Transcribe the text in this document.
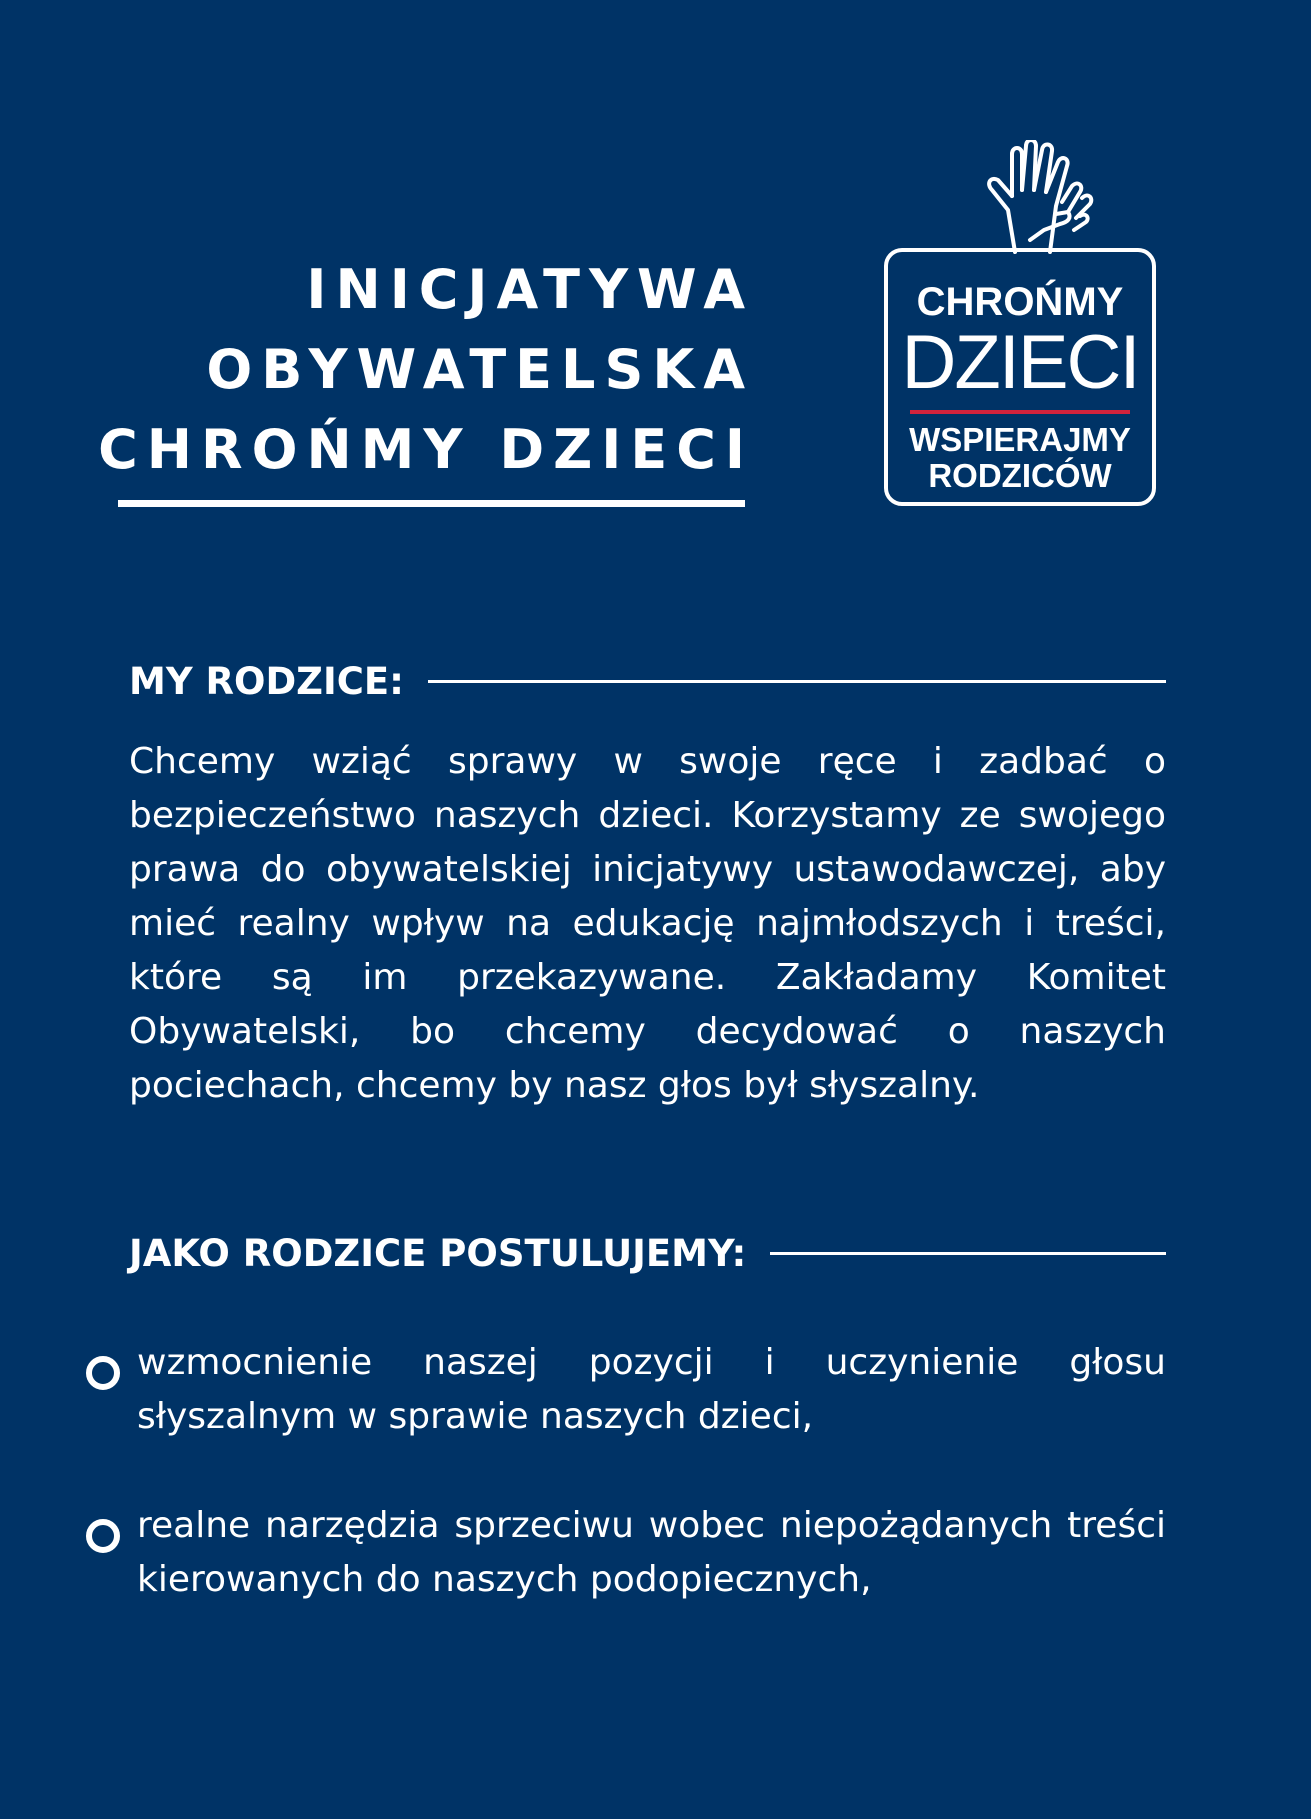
INICJATYWA
OBYWATELSKA
CHROŃMY DZIECI
CHROŃMY
DZIECI
WSPIERAJMY
RODZICÓW
MY RODZICE:
Chcemy wziąć sprawy w swoje ręce i zadbać o bezpieczeństwo naszych dzieci. Korzystamy ze swojego prawa do obywatelskiej inicjatywy ustawodawczej, aby mieć realny wpływ na edukację najmłodszych i treści, które są im przekazywane. Zakładamy Komitet Obywatelski, bo chcemy decydować o naszych pociechach, chcemy by nasz głos był słyszalny.
JAKO RODZICE POSTULUJEMY:
wzmocnienie naszej pozycji i uczynienie głosu słyszalnym w sprawie naszych dzieci,
realne narzędzia sprzeciwu wobec niepożądanych treści kierowanych do naszych podopiecznych,
